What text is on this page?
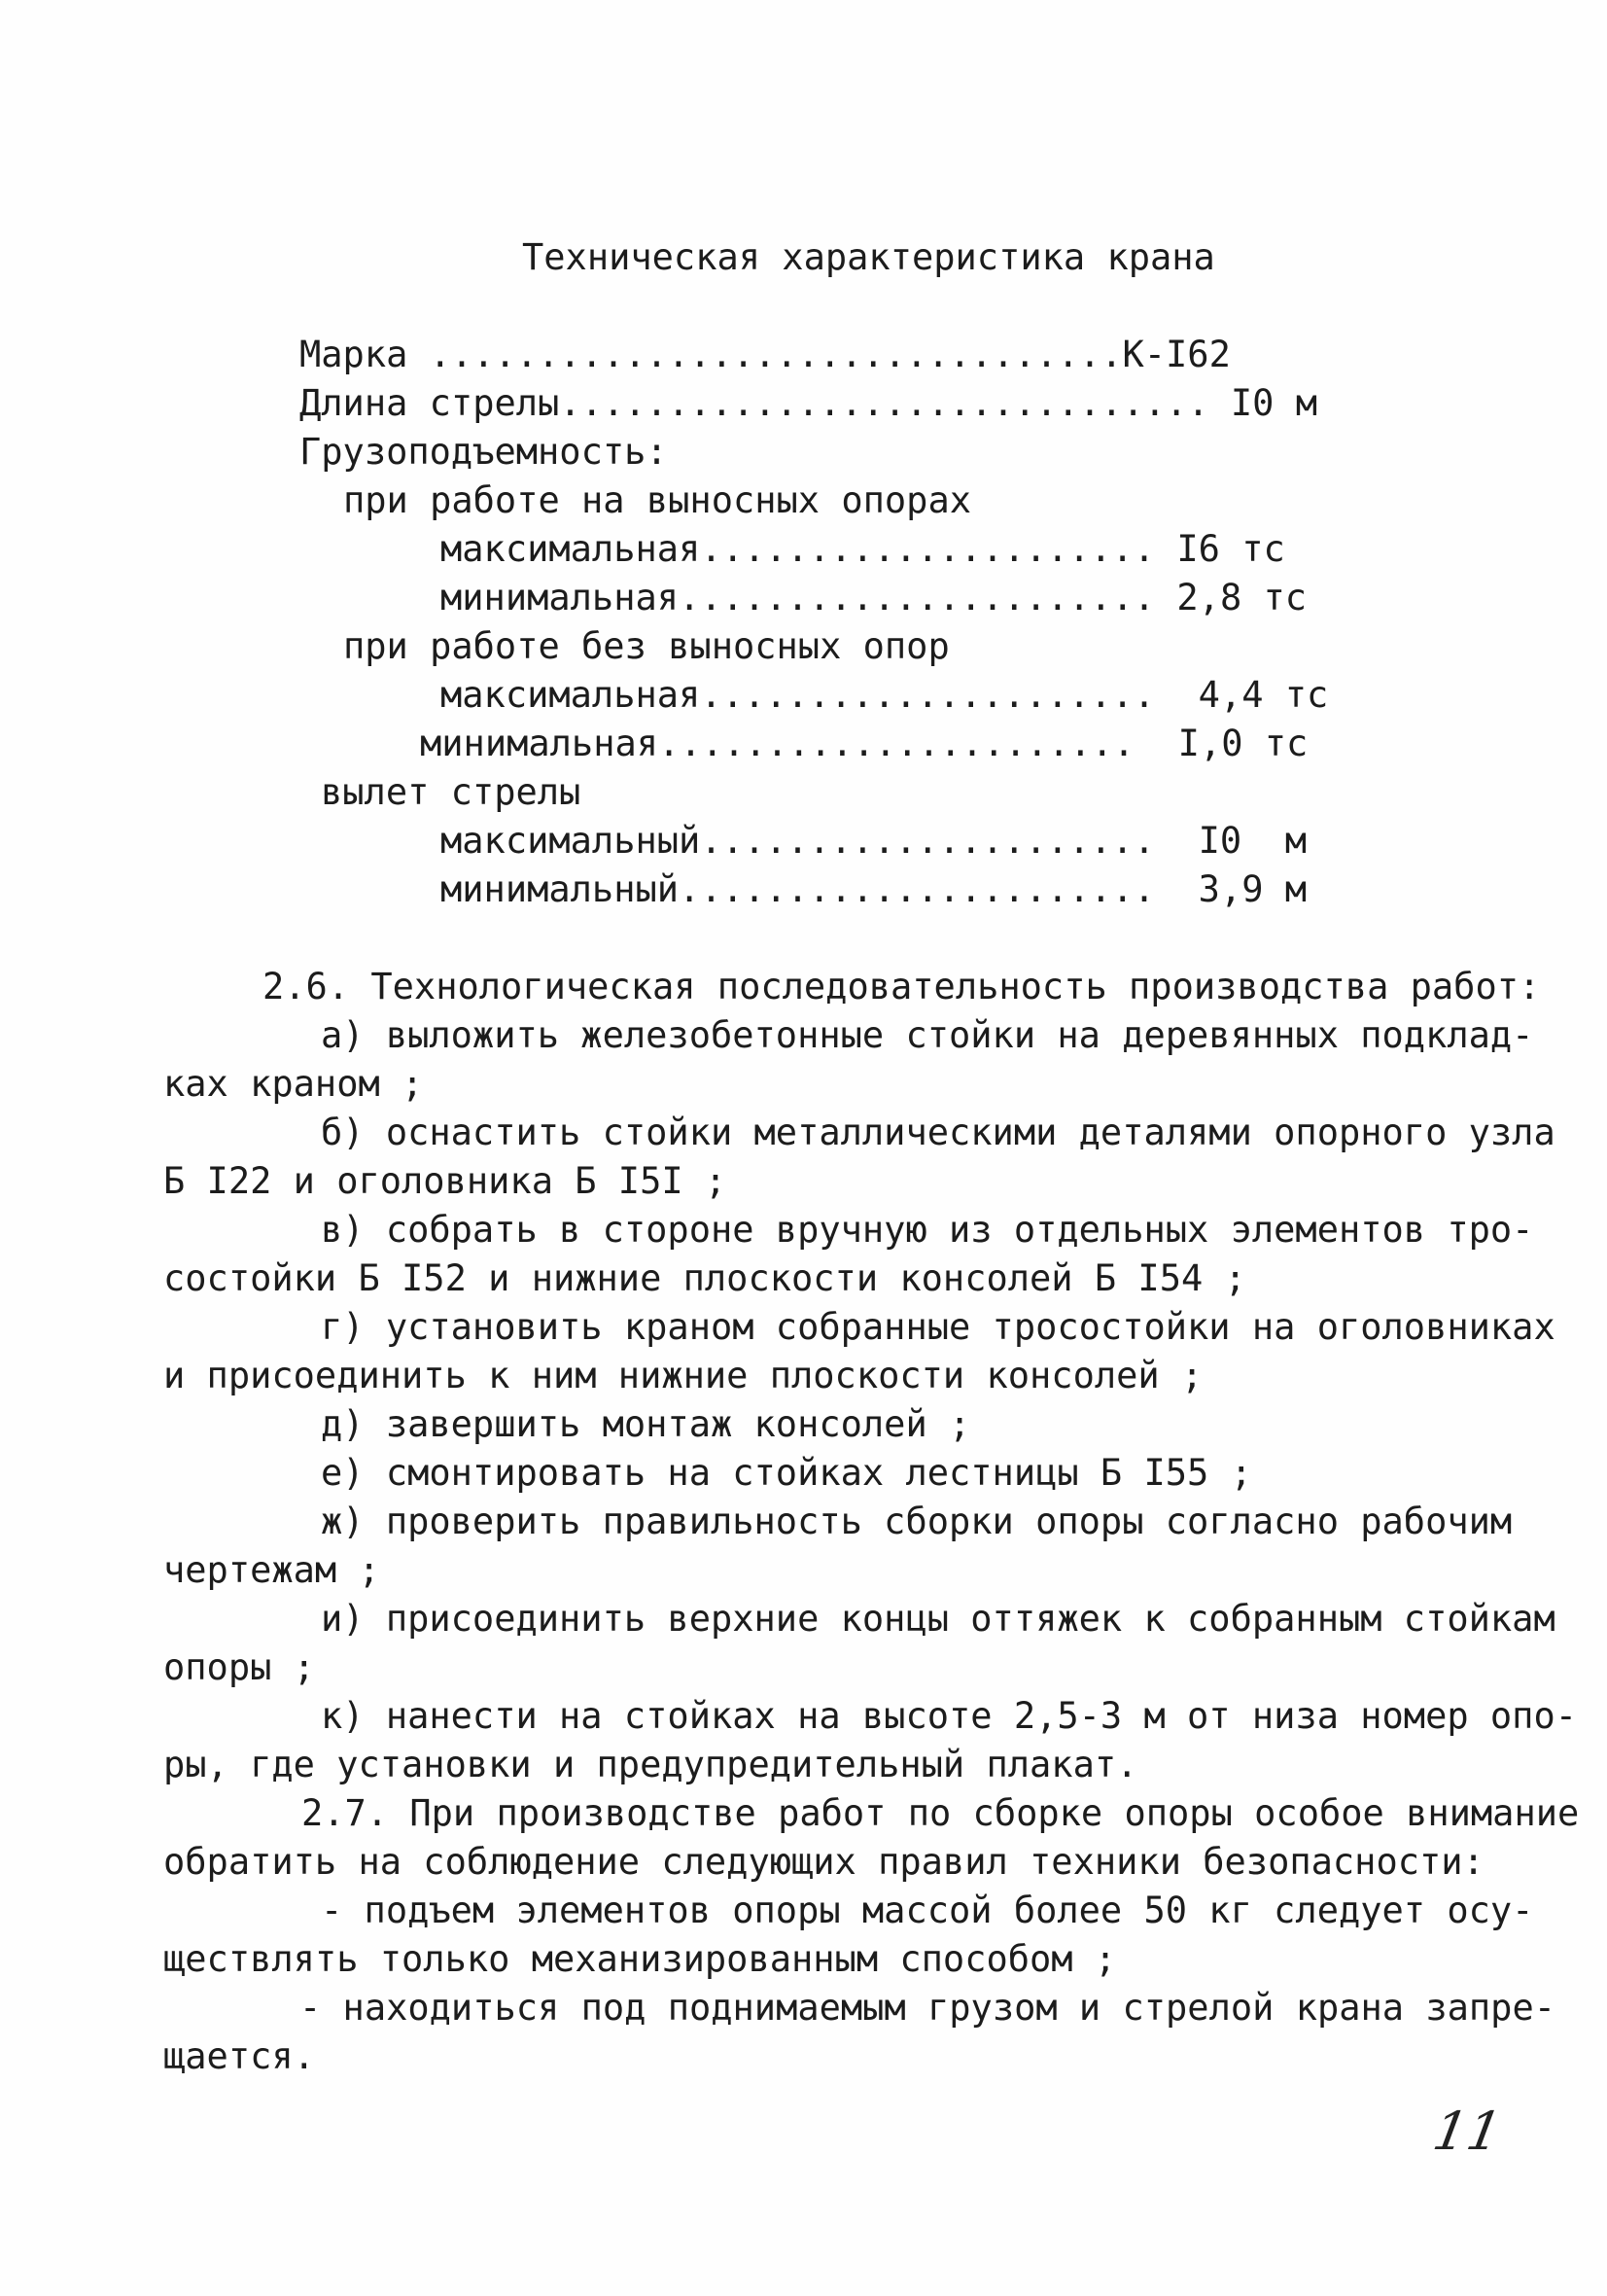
Техническая характеристика крана
Марка ................................К-I62
Длина стрелы.............................. I0 м
Грузоподъемность:
при работе на выносных опорах
максимальная..................... I6 тс
минимальная...................... 2,8 тс
при работе без выносных опор
максимальная.....................  4,4 тс
минимальная......................  I,0 тс
вылет стрелы
максимальный.....................  I0  м
минимальный......................  3,9 м
2.6. Технологическая последовательность производства работ:
а) выложить железобетонные стойки на деревянных подклад-
ках краном ;
б) оснастить стойки металлическими деталями опорного узла
Б I22 и оголовника Б I5I ;
в) собрать в стороне вручную из отдельных элементов тро-
состойки Б I52 и нижние плоскости консолей Б I54 ;
г) установить краном собранные тросостойки на оголовниках
и присоединить к ним нижние плоскости консолей ;
д) завершить монтаж консолей ;
е) смонтировать на стойках лестницы Б I55 ;
ж) проверить правильность сборки опоры согласно рабочим
чертежам ;
и) присоединить верхние концы оттяжек к собранным стойкам
опоры ;
к) нанести на стойках на высоте 2,5-3 м от низа номер опо-
ры, где установки и предупредительный плакат.
2.7. При производстве работ по сборке опоры особое внимание
обратить на соблюдение следующих правил техники безопасности:
- подъем элементов опоры массой более 50 кг следует осу-
ществлять только механизированным способом ;
- находиться под поднимаемым грузом и стрелой крана запре-
щается.
11
